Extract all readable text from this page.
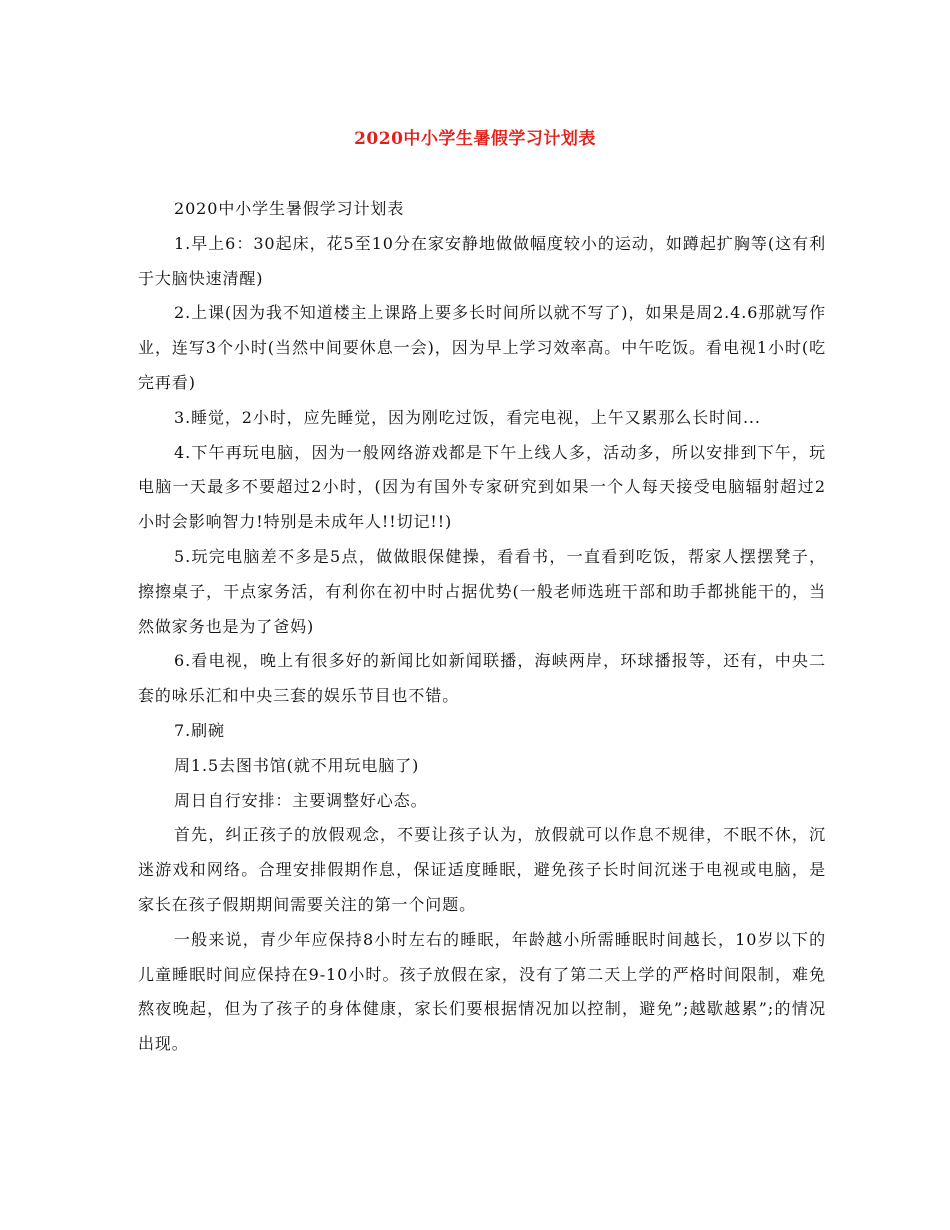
2020中小学生暑假学习计划表

2020中小学生暑假学习计划表

1.早上6：30起床，花5至10分在家安静地做做幅度较小的运动，如蹲起扩胸等(这有利于大脑快速清醒)

2.上课(因为我不知道楼主上课路上要多长时间所以就不写了)，如果是周2.4.6那就写作业，连写3个小时(当然中间要休息一会)，因为早上学习效率高。中午吃饭。看电视1小时(吃完再看)

3.睡觉，2小时，应先睡觉，因为刚吃过饭，看完电视，上午又累那么长时间...

4.下午再玩电脑，因为一般网络游戏都是下午上线人多，活动多，所以安排到下午，玩电脑一天最多不要超过2小时，(因为有国外专家研究到如果一个人每天接受电脑辐射超过2小时会影响智力!特别是未成年人!!切记!!)

5.玩完电脑差不多是5点，做做眼保健操，看看书，一直看到吃饭，帮家人摆摆凳子，擦擦桌子，干点家务活，有利你在初中时占据优势(一般老师选班干部和助手都挑能干的，当然做家务也是为了爸妈)

6.看电视，晚上有很多好的新闻比如新闻联播，海峡两岸，环球播报等，还有，中央二套的咏乐汇和中央三套的娱乐节目也不错。

7.刷碗

周1.5去图书馆(就不用玩电脑了)

周日自行安排：主要调整好心态。

首先，纠正孩子的放假观念，不要让孩子认为，放假就可以作息不规律，不眠不休，沉迷游戏和网络。合理安排假期作息，保证适度睡眠，避免孩子长时间沉迷于电视或电脑，是家长在孩子假期期间需要关注的第一个问题。

一般来说，青少年应保持8小时左右的睡眠，年龄越小所需睡眠时间越长，10岁以下的儿童睡眠时间应保持在9-10小时。孩子放假在家，没有了第二天上学的严格时间限制，难免熬夜晚起，但为了孩子的身体健康，家长们要根据情况加以控制，避免”;越歇越累”;的情况出现。
